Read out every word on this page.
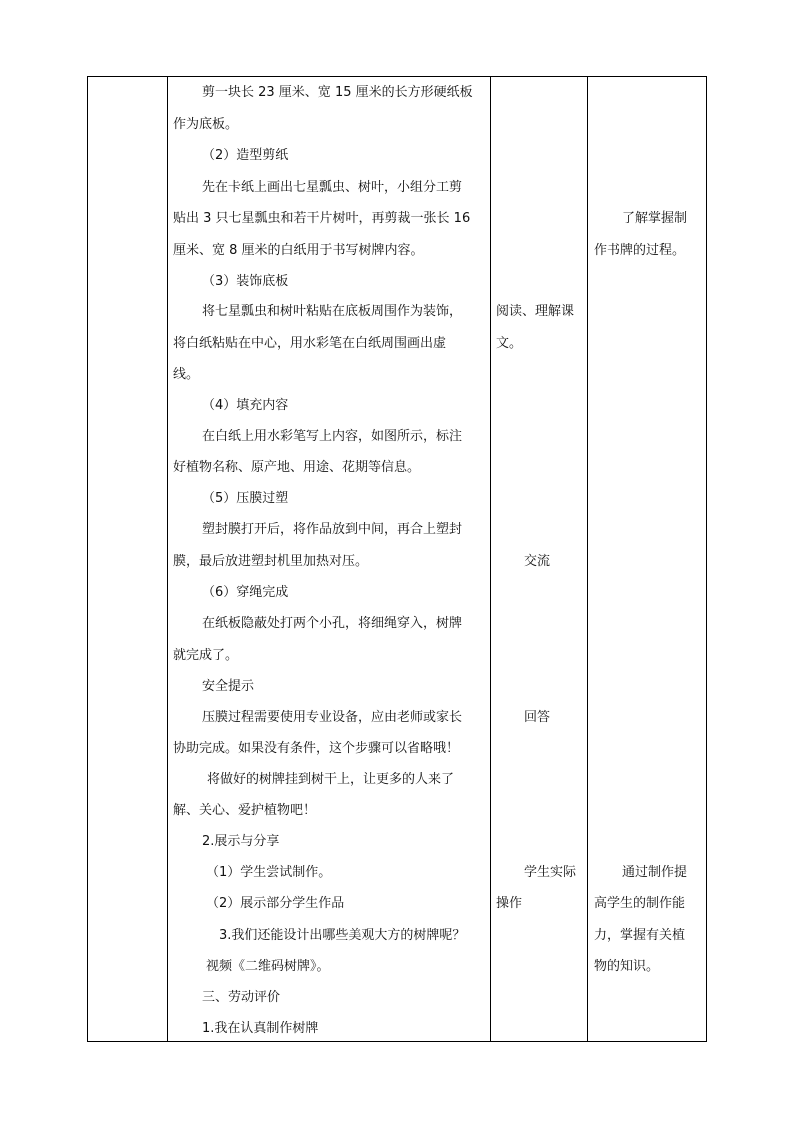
剪一块长 23 厘米、宽 15 厘米的长方形硬纸板
作为底板。
（2）造型剪纸
先在卡纸上画出七星瓢虫、树叶，小组分工剪
贴出 3 只七星瓢虫和若干片树叶，再剪裁一张长 16
厘米、宽 8 厘米的白纸用于书写树牌内容。
（3）装饰底板
将七星瓢虫和树叶粘贴在底板周围作为装饰，
将白纸粘贴在中心，用水彩笔在白纸周围画出虚
线。
（4）填充内容
在白纸上用水彩笔写上内容，如图所示，标注
好植物名称、原产地、用途、花期等信息。
（5）压膜过塑
塑封膜打开后，将作品放到中间，再合上塑封
膜，最后放进塑封机里加热对压。
（6）穿绳完成
在纸板隐蔽处打两个小孔，将细绳穿入，树牌
就完成了。
安全提示
压膜过程需要使用专业设备，应由老师或家长
协助完成。如果没有条件，这个步骤可以省略哦！
将做好的树牌挂到树干上，让更多的人来了
解、关心、爱护植物吧！
2.展示与分享
（1）学生尝试制作。
（2）展示部分学生作品
3.我们还能设计出哪些美观大方的树牌呢？
视频《二维码树牌》。
三、劳动评价
1.我在认真制作树牌
阅读、理解课
文。
交流
回答
学生实际
操作
了解掌握制
作书牌的过程。
通过制作提
高学生的制作能
力，掌握有关植
物的知识。
